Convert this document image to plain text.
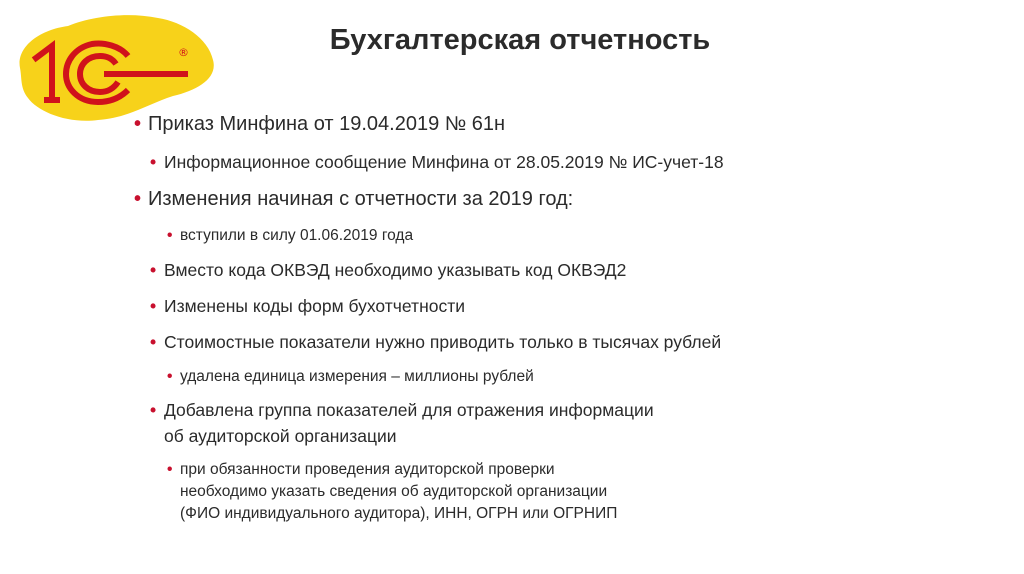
®	Бухгалтерская отчетность
• Приказ Минфина от 19.04.2019 № 61н
• Информационное сообщение Минфина от 28.05.2019 № ИС-учет-18
• Изменения начиная с отчетности за 2019 год:
• вступили в силу 01.06.2019 года
• Вместо кода ОКВЭД необходимо указывать код ОКВЭД2
• Изменены коды форм бухотчетности
• Стоимостные показатели нужно приводить только в тысячах рублей
• удалена единица измерения – миллионы рублей
• Добавлена группа показателей для отражения информации
об аудиторской организации
• при обязанности проведения аудиторской проверки
необходимо указать сведения об аудиторской организации
(ФИО индивидуального аудитора), ИНН, ОГРН или ОГРНИП
